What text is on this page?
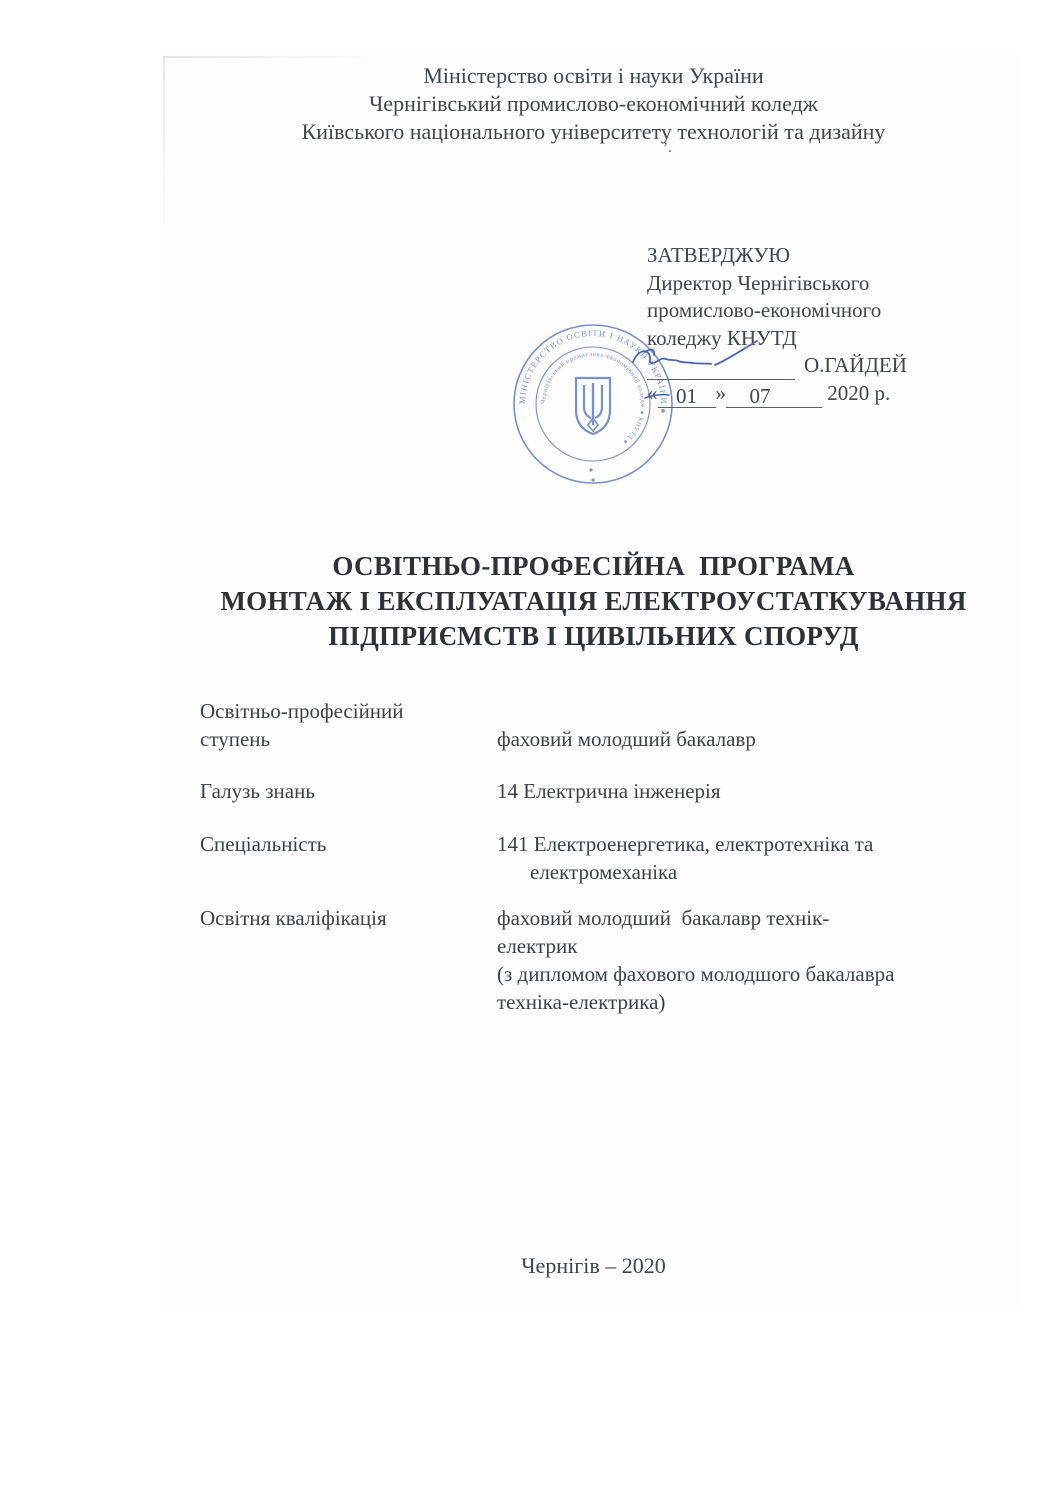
Міністерство освіти і науки України
Чернігівський промислово-економічний коледж
Київського національного університету технологій та дизайну
’.
МІНІСТЕРСТВО ОСВІТИ І НАУКИ УКРАЇНИ ●
Чернігівський промислово-економічний коледж ● КНУТД ●
ЗАТВЕРДЖУЮ
Директор Чернігівського
промислово-економічного
коледжу КНУТД
О.ГАЙДЕЙ
« 01 » 07	2020 р.
ОСВІТНЬО-ПРОФЕСІЙНА  ПРОГРАМА
МОНТАЖ І ЕКСПЛУАТАЦІЯ ЕЛЕКТРОУСТАТКУВАННЯ
ПІДПРИЄМСТВ І ЦИВІЛЬНИХ СПОРУД
Освітньо-професійний
ступень	фаховий молодший бакалавр
Галузь знань	14 Електрична інженерія
Спеціальність	141 Електроенергетика, електротехніка та
електромеханіка
Освітня кваліфікація	фаховий молодший  бакалавр технік-електрик
(з дипломом фахового молодшого бакалавра
техніка-електрика)
Чернігів – 2020
